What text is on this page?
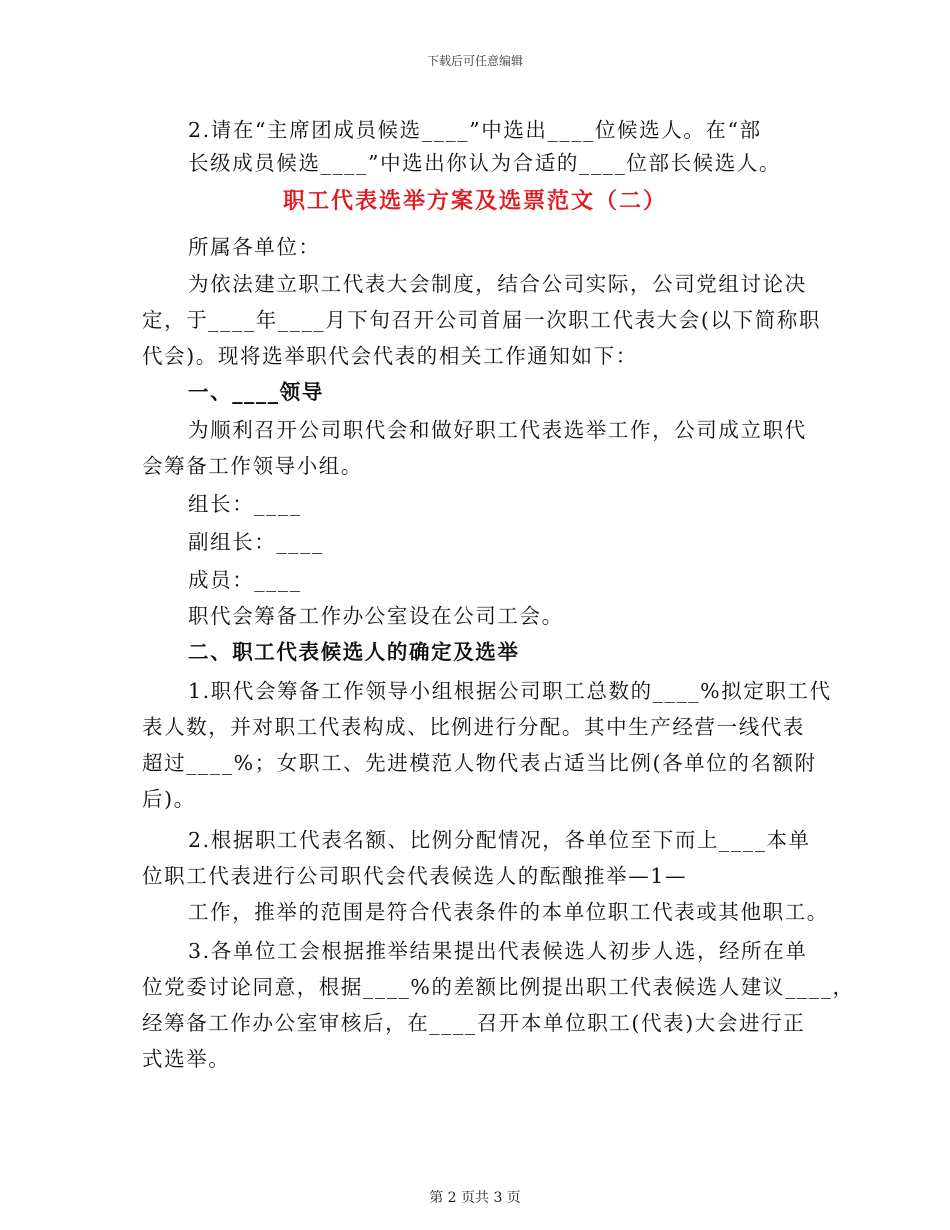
下载后可任意编辑
2.请在“主席团成员候选____”中选出____位候选人。在“部
长级成员候选____”中选出你认为合适的____位部长候选人。
职工代表选举方案及选票范文（二）
所属各单位：
为依法建立职工代表大会制度，结合公司实际，公司党组讨论决
定，于____年____月下旬召开公司首届一次职工代表大会(以下简称职
代会)。现将选举职代会代表的相关工作通知如下：
一、____领导
为顺利召开公司职代会和做好职工代表选举工作，公司成立职代
会筹备工作领导小组。
组长：____
副组长：____
成员：____
职代会筹备工作办公室设在公司工会。
二、职工代表候选人的确定及选举
1.职代会筹备工作领导小组根据公司职工总数的____%拟定职工代
表人数，并对职工代表构成、比例进行分配。其中生产经营一线代表
超过____%；女职工、先进模范人物代表占适当比例(各单位的名额附
后)。
2.根据职工代表名额、比例分配情况，各单位至下而上____本单
位职工代表进行公司职代会代表候选人的酝酿推举—1—
工作，推举的范围是符合代表条件的本单位职工代表或其他职工。
3.各单位工会根据推举结果提出代表候选人初步人选，经所在单
位党委讨论同意，根据____%的差额比例提出职工代表候选人建议____，
经筹备工作办公室审核后，在____召开本单位职工(代表)大会进行正
式选举。
第 2 页共 3 页
